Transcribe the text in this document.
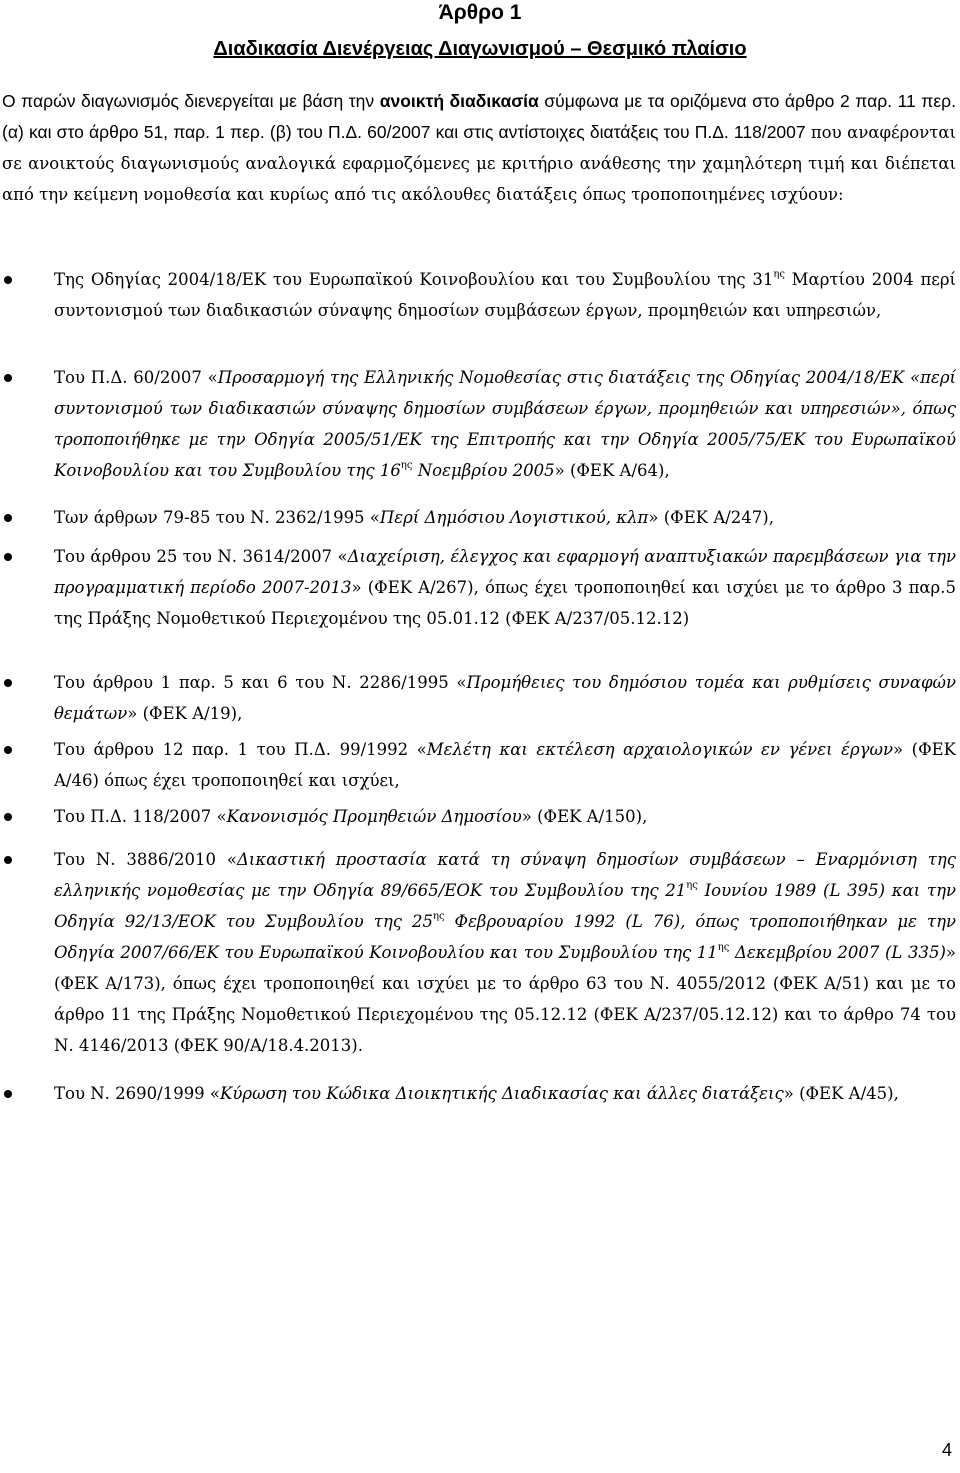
Άρθρο 1
Διαδικασία Διενέργειας Διαγωνισμού – Θεσμικό πλαίσιο
Ο παρών διαγωνισμός διενεργείται με βάση την ανοικτή διαδικασία σύμφωνα με τα οριζόμενα στο άρθρο 2 παρ. 11 περ. (α) και στο άρθρο 51, παρ. 1 περ. (β) του Π.Δ. 60/2007 και στις αντίστοιχες διατάξεις του Π.Δ. 118/2007 που αναφέρονται σε ανοικτούς διαγωνισμούς αναλογικά εφαρμοζόμενες με κριτήριο ανάθεσης την χαμηλότερη τιμή και διέπεται από την κείμενη νομοθεσία και κυρίως από τις ακόλουθες διατάξεις όπως τροποποιημένες ισχύουν:
Της Οδηγίας 2004/18/ΕΚ του Ευρωπαϊκού Κοινοβουλίου και του Συμβουλίου της $31^{\eta\varsigma}$ Μαρτίου 2004 περί συντονισμού των διαδικασιών σύναψης δημοσίων συμβάσεων έργων, προμηθειών και υπηρεσιών,
Του Π.Δ. 60/2007 «Προσαρμογή της Ελληνικής Νομοθεσίας στις διατάξεις της Οδηγίας 2004/18/ΕΚ «περί συντονισμού των διαδικασιών σύναψης δημοσίων συμβάσεων έργων, προμηθειών και υπηρεσιών», όπως τροποποιήθηκε με την Οδηγία 2005/51/ΕΚ της Επιτροπής και την Οδηγία 2005/75/ΕΚ του Ευρωπαϊκού Κοινοβουλίου και του Συμβουλίου της $16^{\eta\varsigma}$ Νοεμβρίου 2005» (ΦΕΚ Α/64),
Των άρθρων 79-85 του Ν. 2362/1995 «Περί Δημόσιου Λογιστικού, κλπ» (ΦΕΚ Α/247),
Του άρθρου 25 του Ν. 3614/2007 «Διαχείριση, έλεγχος και εφαρμογή αναπτυξιακών παρεμβάσεων για την προγραμματική περίοδο 2007-2013» (ΦΕΚ Α/267), όπως έχει τροποποιηθεί και ισχύει με το άρθρο 3 παρ.5 της Πράξης Νομοθετικού Περιεχομένου της 05.01.12 (ΦΕΚ Α/237/05.12.12)
Του άρθρου 1 παρ. 5 και 6 του Ν. 2286/1995 «Προμήθειες του δημόσιου τομέα και ρυθμίσεις συναφών θεμάτων» (ΦΕΚ Α/19),
Του άρθρου 12 παρ. 1 του Π.Δ. 99/1992 «Μελέτη και εκτέλεση αρχαιολογικών εν γένει έργων» (ΦΕΚ Α/46) όπως έχει τροποποιηθεί και ισχύει,
Του Π.Δ. 118/2007 «Κανονισμός Προμηθειών Δημοσίου» (ΦΕΚ Α/150),
Του Ν. 3886/2010 «Δικαστική προστασία κατά τη σύναψη δημοσίων συμβάσεων – Εναρμόνιση της ελληνικής νομοθεσίας με την Οδηγία 89/665/ΕΟΚ του Συμβουλίου της $21^{\eta\varsigma}$ Ιουνίου 1989 (L 395) και την Οδηγία 92/13/ΕΟΚ του Συμβουλίου της $25^{\eta\varsigma}$ Φεβρουαρίου 1992 (L 76), όπως τροποποιήθηκαν με την Οδηγία 2007/66/ΕΚ του Ευρωπαϊκού Κοινοβουλίου και του Συμβουλίου της $11^{\eta\varsigma}$ Δεκεμβρίου 2007 (L 335)» (ΦΕΚ Α/173), όπως έχει τροποποιηθεί και ισχύει με το άρθρο 63 του Ν. 4055/2012 (ΦΕΚ Α/51) και με το άρθρο 11 της Πράξης Νομοθετικού Περιεχομένου της 05.12.12 (ΦΕΚ Α/237/05.12.12) και το άρθρο 74 του Ν. 4146/2013 (ΦΕΚ 90/Α/18.4.2013).
Του Ν. 2690/1999 «Κύρωση του Κώδικα Διοικητικής Διαδικασίας και άλλες διατάξεις» (ΦΕΚ Α/45),
4
